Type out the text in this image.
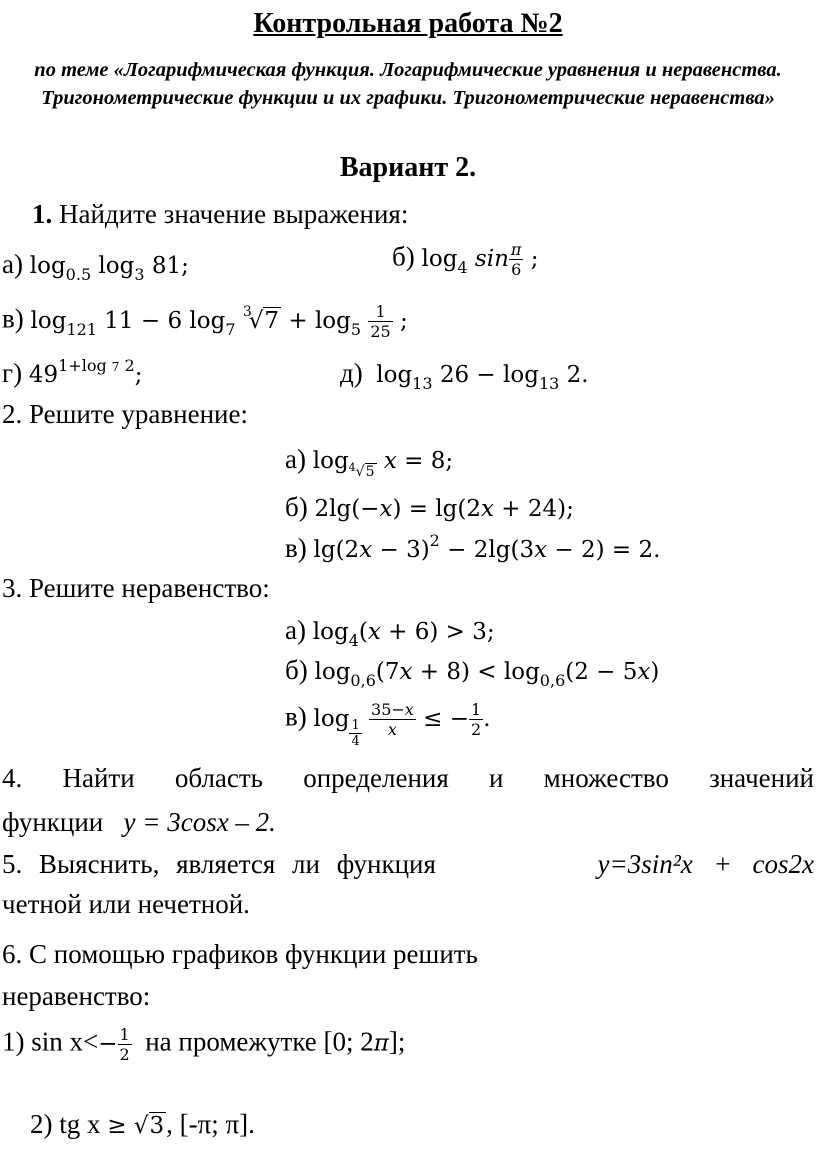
Контрольная работа №2
по теме «Логарифмическая функция. Логарифмические уравнения и неравенства. Тригонометрические функции и их графики. Тригонометрические неравенства»
Вариант 2.
1. Найдите значение выражения:
а) $\log_{0.5} \log_3 81$;	б) $\log_4 \sin \frac{\pi}{6}$ ;
в) $\log_{121} 11 - 6$ $\log_7 ^3√7 + \log_5 \frac{1}{25}$ ;
г) $49^{1+log 7 2}$;	д) $\log_{13} 26 - \log_{13} 2$.
2. Решите уравнение:
а) $\log_{^4√5} x = 8$;
б) 2lg(−x) = lg(2x + 24);
в) $\lg(2x - 3)^2 - 2\lg(3x - 2) = 2$.
3. Решите неравенство:
а) $\log_4(x + 6) > 3$;
б) $\log_{0,6}(7x + 8) < \log_{0,6}(2 - 5x)$
в) $\log \frac{1}{4}$
$\frac{35-x}{x}$ ≤ − $\frac{1}{2}$ .
4. Найти область определения и множество значений
функции y = 3cosx – 2.
5. Выяснить, является ли функция	y=3sin²x + cos2x
четной или нечетной.
6. С помощью графиков функции решить
неравенство:
1) $\sin x<- \frac{1}{2}$ на промежутке [0; 2π];
2) tg x ≥ √3, [-π; π].
